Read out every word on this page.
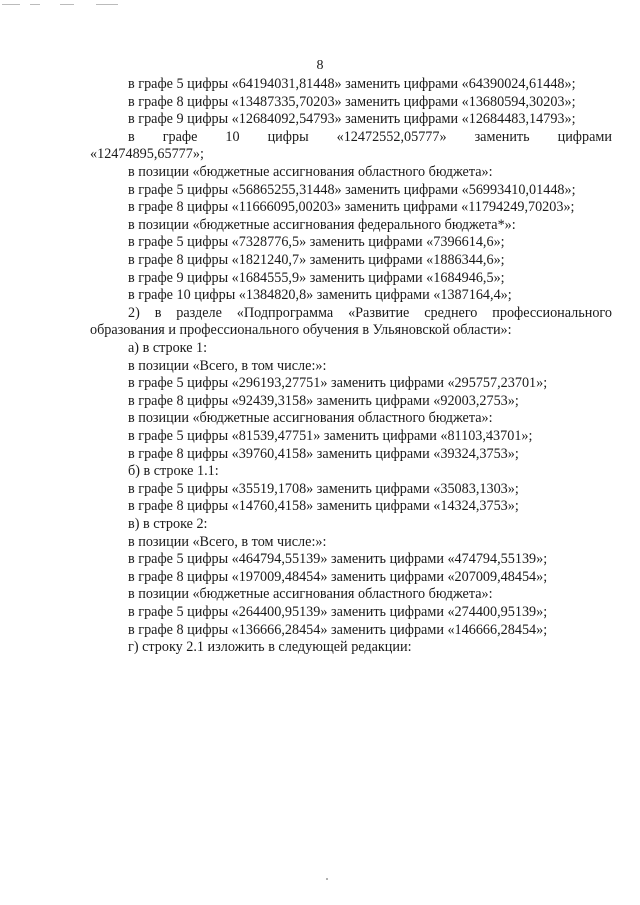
8
в графе 5 цифры «64194031,81448» заменить цифрами «64390024,61448»;
в графе 8 цифры «13487335,70203» заменить цифрами «13680594,30203»;
в графе 9 цифры «12684092,54793» заменить цифрами «12684483,14793»;
в графе 10 цифры «12472552,05777» заменить цифрами
«12474895,65777»;
в позиции «бюджетные ассигнования областного бюджета»:
в графе 5 цифры «56865255,31448» заменить цифрами «56993410,01448»;
в графе 8 цифры «11666095,00203» заменить цифрами «11794249,70203»;
в позиции «бюджетные ассигнования федерального бюджета*»:
в графе 5 цифры «7328776,5» заменить цифрами «7396614,6»;
в графе 8 цифры «1821240,7» заменить цифрами «1886344,6»;
в графе 9 цифры «1684555,9» заменить цифрами «1684946,5»;
в графе 10 цифры «1384820,8» заменить цифрами «1387164,4»;
2) в разделе «Подпрограмма «Развитие среднего профессионального
образования и профессионального обучения в Ульяновской области»:
а) в строке 1:
в позиции «Всего, в том числе:»:
в графе 5 цифры «296193,27751» заменить цифрами «295757,23701»;
в графе 8 цифры «92439,3158» заменить цифрами «92003,2753»;
в позиции «бюджетные ассигнования областного бюджета»:
в графе 5 цифры «81539,47751» заменить цифрами «81103,43701»;
в графе 8 цифры «39760,4158» заменить цифрами «39324,3753»;
б) в строке 1.1:
в графе 5 цифры «35519,1708» заменить цифрами «35083,1303»;
в графе 8 цифры «14760,4158» заменить цифрами «14324,3753»;
в) в строке 2:
в позиции «Всего, в том числе:»:
в графе 5 цифры «464794,55139» заменить цифрами «474794,55139»;
в графе 8 цифры «197009,48454» заменить цифрами «207009,48454»;
в позиции «бюджетные ассигнования областного бюджета»:
в графе 5 цифры «264400,95139» заменить цифрами «274400,95139»;
в графе 8 цифры «136666,28454» заменить цифрами «146666,28454»;
г) строку 2.1 изложить в следующей редакции:
